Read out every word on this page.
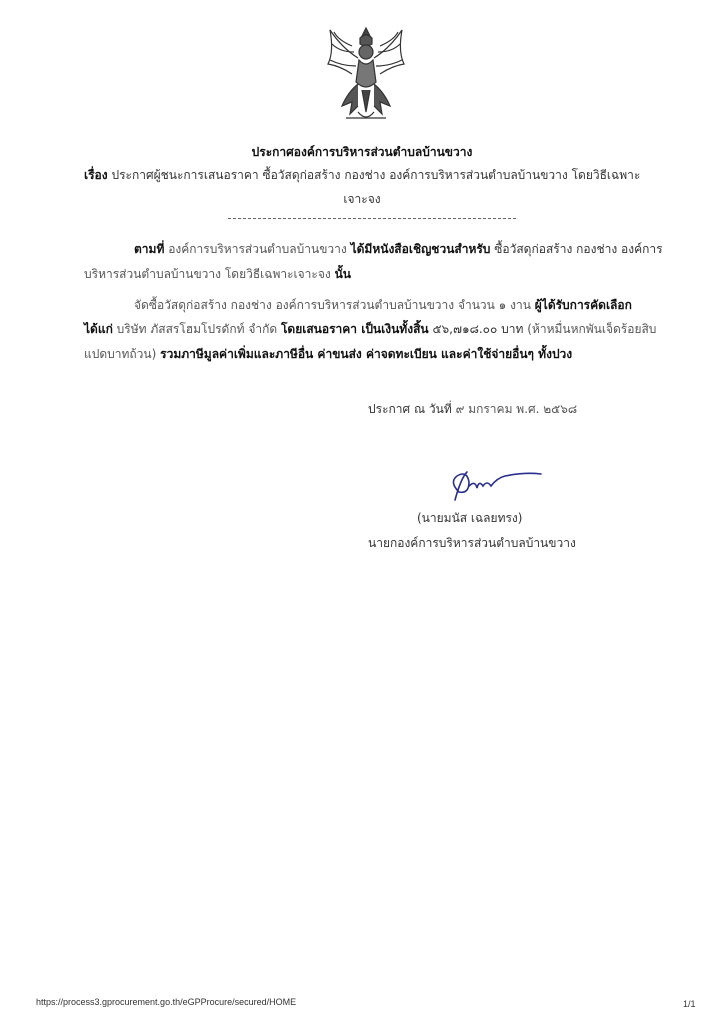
ประกาศองค์การบริหารส่วนตำบลบ้านขวาง
เรื่อง ประกาศผู้ชนะการเสนอราคา ซื้อวัสดุก่อสร้าง กองช่าง องค์การบริหารส่วนตำบลบ้านขวาง โดยวิธีเฉพาะ
เจาะจง
ตามที่ องค์การบริหารส่วนตำบลบ้านขวาง ได้มีหนังสือเชิญชวนสำหรับ ซื้อวัสดุก่อสร้าง กองช่าง องค์การ
บริหารส่วนตำบลบ้านขวาง โดยวิธีเฉพาะเจาะจง นั้น
จัดซื้อวัสดุก่อสร้าง กองช่าง องค์การบริหารส่วนตำบลบ้านขวาง จำนวน ๑ งาน ผู้ได้รับการคัดเลือก
ได้แก่ บริษัท ภัสสรโฮมโปรดักท์ จำกัด โดยเสนอราคา เป็นเงินทั้งสิ้น ๕๖,๗๑๘.๐๐ บาท (ห้าหมื่นหกพันเจ็ดร้อยสิบ
แปดบาทถ้วน) รวมภาษีมูลค่าเพิ่มและภาษีอื่น ค่าขนส่ง ค่าจดทะเบียน และค่าใช้จ่ายอื่นๆ ทั้งปวง
ประกาศ ณ วันที่ ๙ มกราคม พ.ศ. ๒๕๖๘
(นายมนัส เฉลยทรง)
นายกองค์การบริหารส่วนตำบลบ้านขวาง
https://process3.gprocurement.go.th/eGPProcure/secured/HOME	1/1
